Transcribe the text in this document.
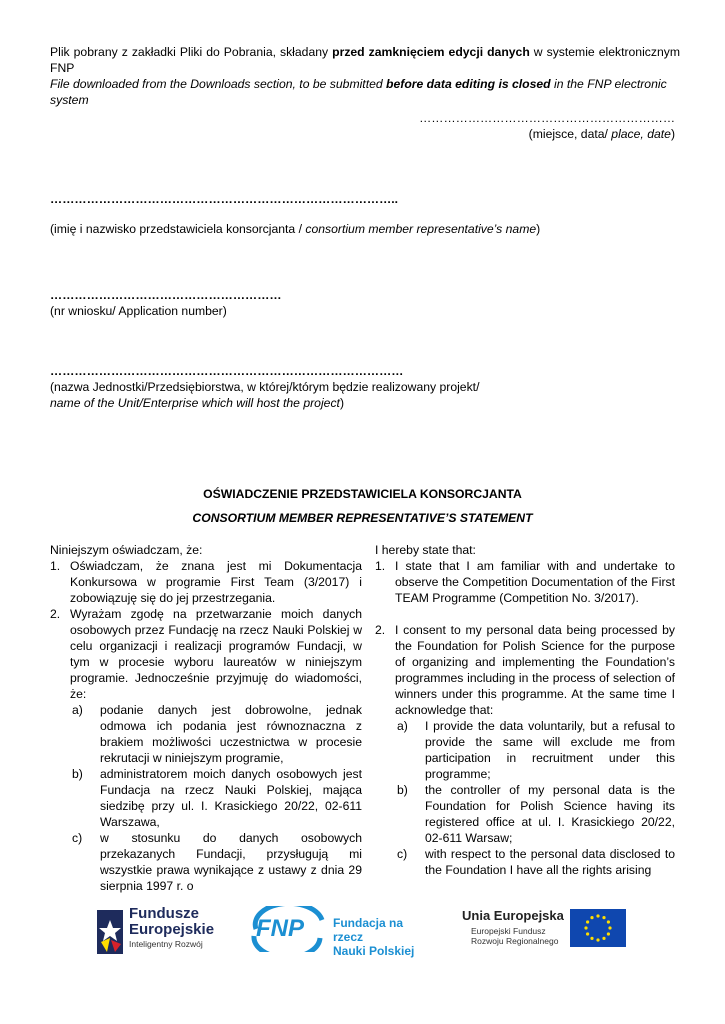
Plik pobrany z zakładki Pliki do Pobrania, składany przed zamknięciem edycji danych w systemie elektronicznym FNP
File downloaded from the Downloads section, to be submitted before data editing is closed in the FNP electronic system
………………………………………………………
(miejsce, data/ place, date)
…………………………………………………………………………..
(imię i nazwisko przedstawiciela konsorcjanta / consortium member representative’s name)
…………………………………………………
(nr wniosku/ Application number)
……………………………………………………………………………
(nazwa Jednostki/Przedsiębiorstwa, w której/którym będzie realizowany projekt/
name of the Unit/Enterprise which will host the project)
OŚWIADCZENIE PRZEDSTAWICIELA KONSORCJANTA
CONSORTIUM MEMBER REPRESENTATIVE’S STATEMENT
Niniejszym oświadczam, że:
1. Oświadczam, że znana jest mi Dokumentacja Konkursowa w programie First Team (3/2017) i zobowiązuję się do jej przestrzegania.
2. Wyrażam zgodę na przetwarzanie moich danych osobowych przez Fundację na rzecz Nauki Polskiej w celu organizacji i realizacji programów Fundacji, w tym w procesie wyboru laureatów w niniejszym programie. Jednocześnie przyjmuję do wiadomości, że:
a) podanie danych jest dobrowolne, jednak odmowa ich podania jest równoznaczna z brakiem możliwości uczestnictwa w procesie rekrutacji w niniejszym programie,
b) administratorem moich danych osobowych jest Fundacja na rzecz Nauki Polskiej, mająca siedzibę przy ul. I. Krasickiego 20/22, 02-611 Warszawa,
c) w stosunku do danych osobowych przekazanych Fundacji, przysługują mi wszystkie prawa wynikające z ustawy z dnia 29 sierpnia 1997 r. o
I hereby state that:
1. I state that I am familiar with and undertake to observe the Competition Documentation of the First TEAM Programme (Competition No. 3/2017).
2. I consent to my personal data being processed by the Foundation for Polish Science for the purpose of organizing and implementing the Foundation’s programmes including in the process of selection of winners under this programme. At the same time I acknowledge that:
a) I provide the data voluntarily, but a refusal to provide the same will exclude me from participation in recruitment under this programme;
b) the controller of my personal data is the Foundation for Polish Science having its registered office at ul. I. Krasickiego 20/22, 02-611 Warsaw;
c) with respect to the personal data disclosed to the Foundation I have all the rights arising
Fundusze
Europejskie
Inteligentny Rozwój
FNP Fundacja na rzecz
Nauki Polskiej
Unia Europejska
Europejski Fundusz
Rozwoju Regionalnego
